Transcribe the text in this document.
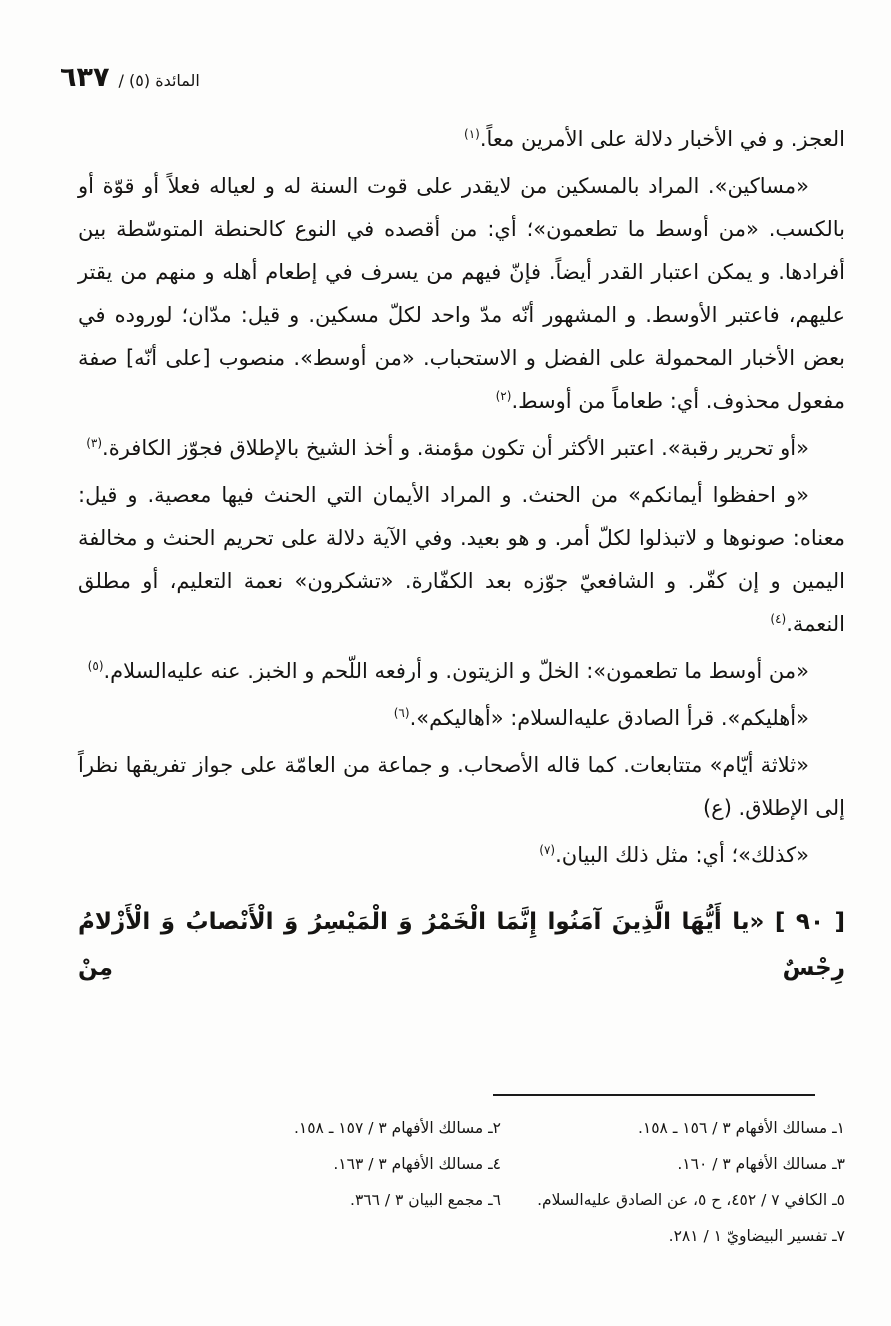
المائدة (٥) / ٦٣٧

العجز. و في الأخبار دلالة على الأمرين معاً.$^{(١)}$

«مساكين». المراد بالمسكين من لايقدر على قوت السنة له و لعياله فعلاً أو قوّة أو بالكسب. «من أوسط ما تطعمون»؛ أي: من أقصده في النوع كالحنطة المتوسّطة بين أفرادها. و يمكن اعتبار القدر أيضاً. فإنّ فيهم من يسرف في إطعام أهله و منهم من يقتر عليهم، فاعتبر الأوسط. و المشهور أنّه مدّ واحد لكلّ مسكين. و قيل: مدّان؛ لوروده في بعض الأخبار المحمولة على الفضل و الاستحباب. «من أوسط». منصوب [على أنّه] صفة مفعول محذوف. أي: طعاماً من أوسط.$^{(٢)}$

«أو تحرير رقبة». اعتبر الأكثر أن تكون مؤمنة. و أخذ الشيخ بالإطلاق فجوّز الكافرة.$^{(٣)}$

«و احفظوا أيمانكم» من الحنث. و المراد الأيمان التي الحنث فيها معصية. و قيل: معناه: صونوها و لاتبذلوا لكلّ أمر. و هو بعيد. وفي الآية دلالة على تحريم الحنث و مخالفة اليمين و إن كفّر. و الشافعيّ جوّزه بعد الكفّارة. «تشكرون» نعمة التعليم، أو مطلق النعمة.$^{(٤)}$

«من أوسط ما تطعمون»: الخلّ و الزيتون. و أرفعه اللّحم و الخبز. عنه عليه‌السلام.$^{(٥)}$

«أهليكم». قرأ الصادق عليه‌السلام: «أهاليكم».$^{(٦)}$

«ثلاثة أيّام» متتابعات. كما قاله الأصحاب. و جماعة من العامّة على جواز تفريقها نظراً إلى الإطلاق. (ع)

«كذلك»؛ أي: مثل ذلك البيان.$^{(٧)}$

[ ٩٠ ] «يا أَيُّهَا الَّذِينَ آمَنُوا إِنَّمَا الْخَمْرُ وَ الْمَيْسِرُ وَ الْأَنْصابُ وَ الْأَزْلامُ رِجْسٌ مِنْ

١ـ مسالك الأفهام ٣ / ١٥٦ ـ ١٥٨.
٢ـ مسالك الأفهام ٣ / ١٥٧ ـ ١٥٨.
٣ـ مسالك الأفهام ٣ / ١٦٠.
٤ـ مسالك الأفهام ٣ / ١٦٣.
٥ـ الكافي ٧ / ٤٥٢، ح ٥، عن الصادق عليه‌السلام.
٦ـ مجمع البيان ٣ / ٣٦٦.
٧ـ تفسير البيضاويّ ١ / ٢٨١.
